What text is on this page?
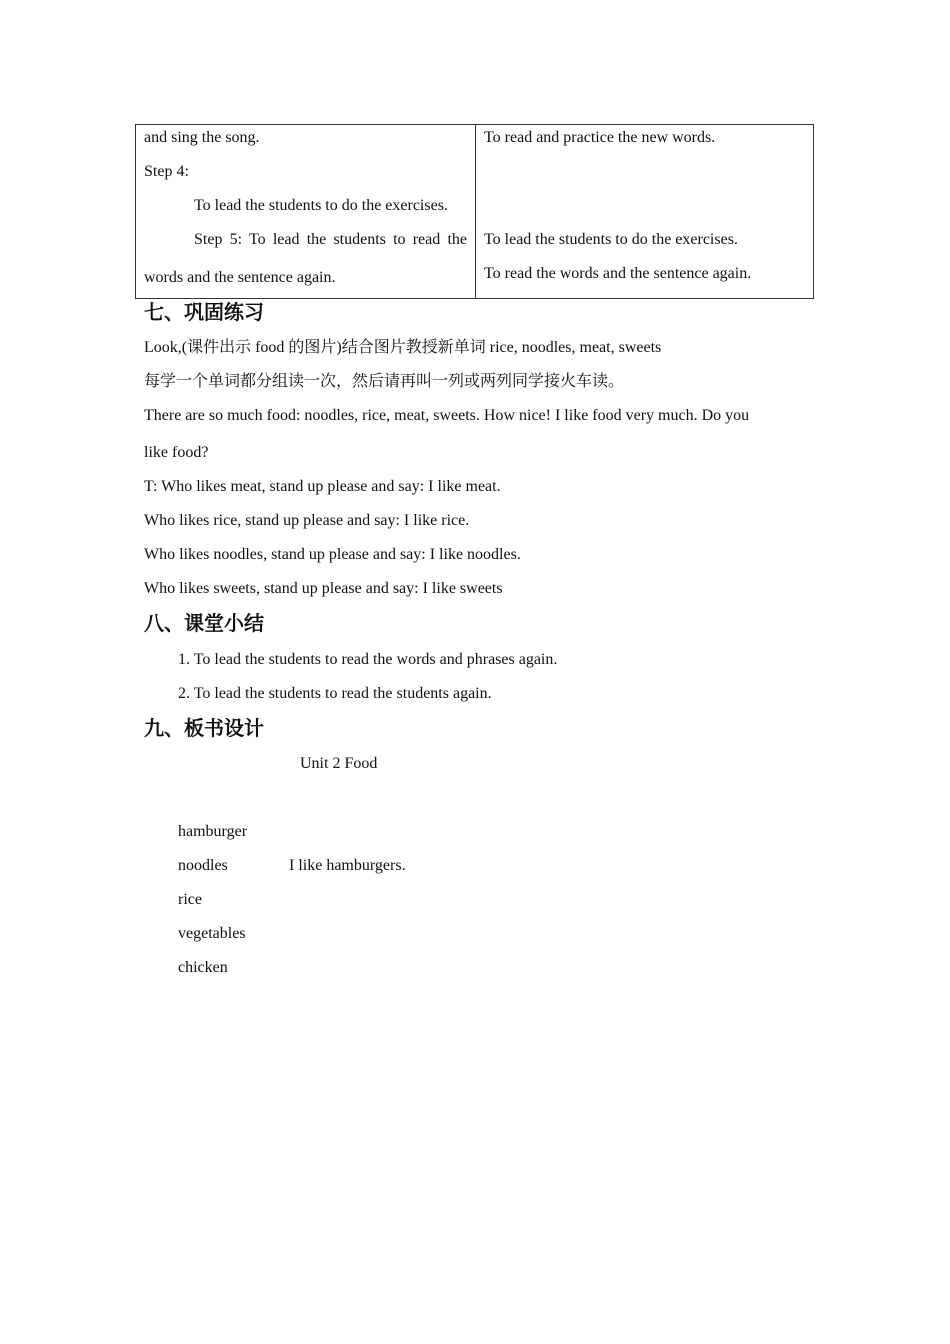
and sing the song.
Step 4:
To lead the students to do the exercises.
Step 5: To lead the students to read the
words and the sentence again.
To read and practice the new words.
To lead the students to do the exercises.
To read the words and the sentence again.
七、巩固练习
Look,(课件出示 food 的图片)结合图片教授新单词 rice, noodles, meat, sweets
每学一个单词都分组读一次，然后请再叫一列或两列同学接火车读。
There are so much food: noodles, rice, meat, sweets. How nice! I like food very much. Do you
like food?
T: Who likes meat, stand up please and say: I like meat.
Who likes rice, stand up please and say: I like rice.
Who likes noodles, stand up please and say: I like noodles.
Who likes sweets, stand up please and say: I like sweets
八、课堂小结
1. To lead the students to read the words and phrases again.
2. To lead the students to read the students again.
九、板书设计
Unit 2 Food
hamburger
noodles	I like hamburgers.
rice
vegetables
chicken
